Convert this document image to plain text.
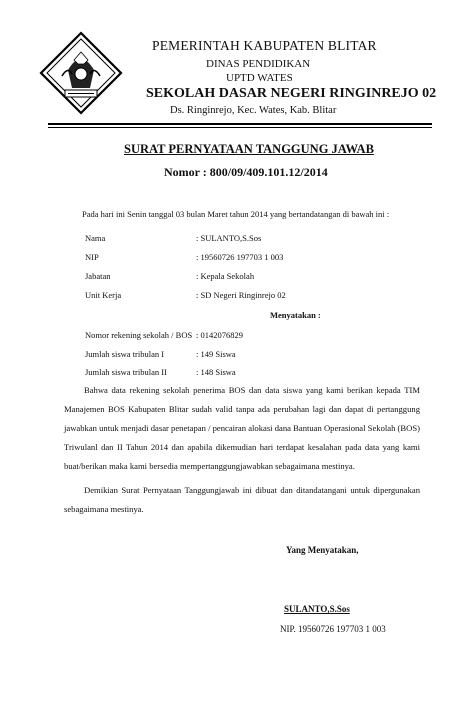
PEMERINTAH KABUPATEN BLITAR
DINAS PENDIDIKAN
UPTD WATES
SEKOLAH DASAR NEGERI RINGINREJO 02
Ds. Ringinrejo, Kec. Wates, Kab. Blitar
SURAT PERNYATAAN TANGGUNG JAWAB
Nomor : 800/09/409.101.12/2014
Pada hari ini Senin tanggal 03 bulan Maret tahun 2014 yang bertandatangan di bawah ini :
Nama	: SULANTO,S.Sos
NIP	: 19560726 197703 1 003
Jabatan	: Kepala Sekolah
Unit Kerja	: SD Negeri Ringinrejo 02
Menyatakan :
Nomor rekening sekolah / BOS : 0142076829
Jumlah siswa tribulan I	: 149 Siswa
Jumlah siswa tribulan II	: 148 Siswa
Bahwa data rekening sekolah penerima BOS dan data siswa yang kami berikan kepada TIM Manajemen BOS Kabupaten Blitar sudah valid tanpa ada perubahan lagi dan dapat di pertanggung jawabkan untuk menjadi dasar penetapan / pencairan alokasi dana Bantuan Operasional Sekolah (BOS) Triwulanl dan II Tahun 2014 dan apabila dikemudian hari terdapat kesalahan pada data yang kami buat/berikan maka kami bersedia mempertanggungjawabkan sebagaimana mestinya.
Demikian Surat Pernyataan Tanggungjawab ini dibuat dan ditandatangani untuk dipergunakan sebagaimana mestinya.
Yang Menyatakan,
SULANTO,S.Sos
NIP. 19560726 197703 1 003
